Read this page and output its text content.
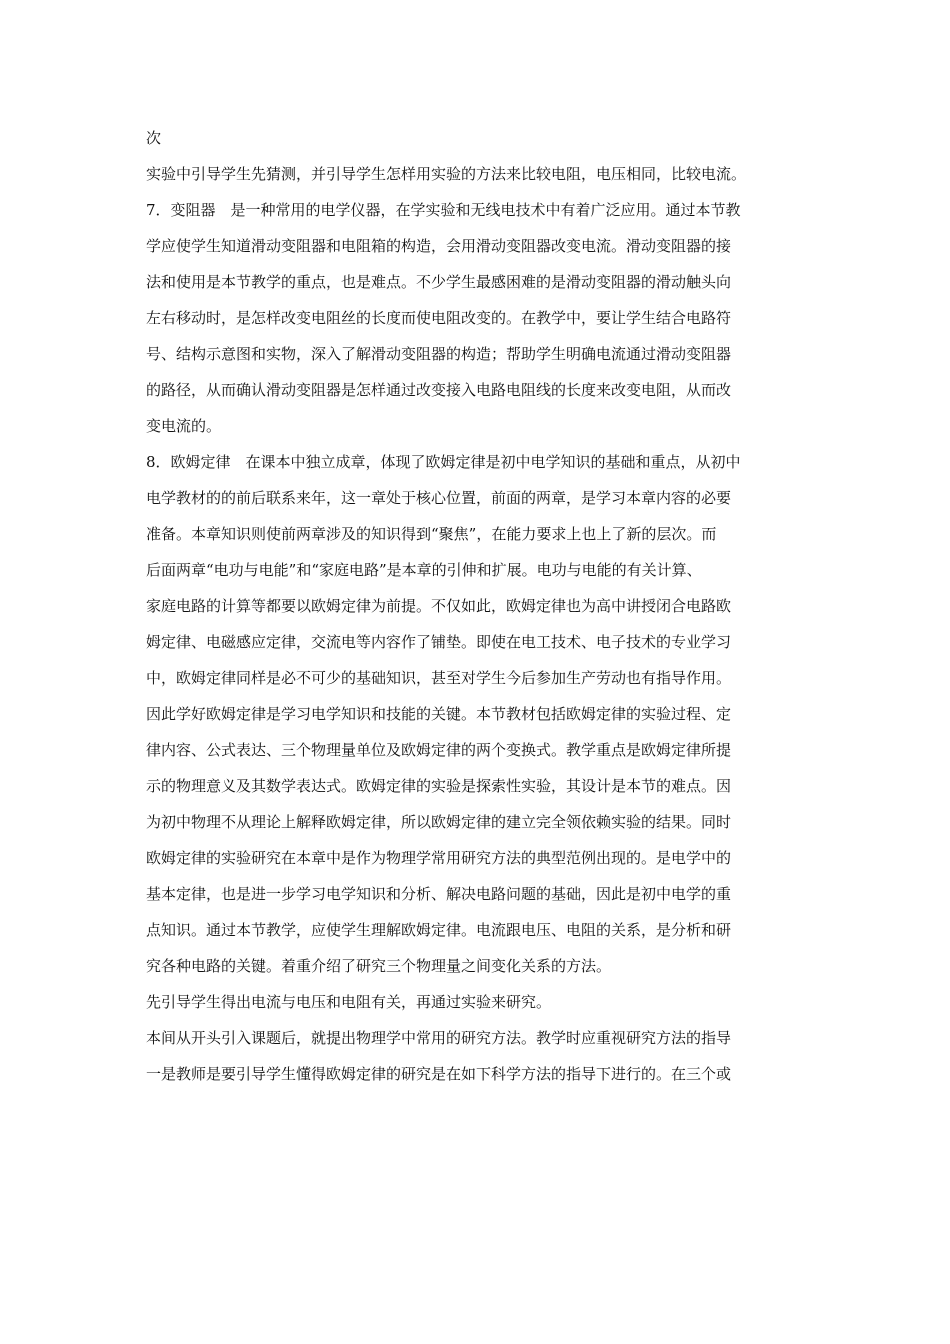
次
实验中引导学生先猜测，并引导学生怎样用实验的方法来比较电阻，电压相同，比较电流。

7．变阻器　是一种常用的电学仪器，在学实验和无线电技术中有着广泛应用。通过本节教
学应使学生知道滑动变阻器和电阻箱的构造，会用滑动变阻器改变电流。滑动变阻器的接
法和使用是本节教学的重点，也是难点。不少学生最感困难的是滑动变阻器的滑动触头向
左右移动时，是怎样改变电阻丝的长度而使电阻改变的。在教学中，要让学生结合电路符
号、结构示意图和实物，深入了解滑动变阻器的构造；帮助学生明确电流通过滑动变阻器
的路径，从而确认滑动变阻器是怎样通过改变接入电路电阻线的长度来改变电阻，从而改
变电流的。

8．欧姆定律　在课本中独立成章，体现了欧姆定律是初中电学知识的基础和重点，从初中
电学教材的的前后联系来年，这一章处于核心位置，前面的两章，是学习本章内容的必要
准备。本章知识则使前两章涉及的知识得到“聚焦”，在能力要求上也上了新的层次。而
后面两章“电功与电能”和“家庭电路”是本章的引伸和扩展。电功与电能的有关计算、
家庭电路的计算等都要以欧姆定律为前提。不仅如此，欧姆定律也为高中讲授闭合电路欧
姆定律、电磁感应定律，交流电等内容作了铺垫。即使在电工技术、电子技术的专业学习
中，欧姆定律同样是必不可少的基础知识，甚至对学生今后参加生产劳动也有指导作用。
因此学好欧姆定律是学习电学知识和技能的关键。本节教材包括欧姆定律的实验过程、定
律内容、公式表达、三个物理量单位及欧姆定律的两个变换式。教学重点是欧姆定律所提
示的物理意义及其数学表达式。欧姆定律的实验是探索性实验，其设计是本节的难点。因
为初中物理不从理论上解释欧姆定律，所以欧姆定律的建立完全领依赖实验的结果。同时
欧姆定律的实验研究在本章中是作为物理学常用研究方法的典型范例出现的。是电学中的
基本定律，也是进一步学习电学知识和分析、解决电路问题的基础，因此是初中电学的重
点知识。通过本节教学，应使学生理解欧姆定律。电流跟电压、电阻的关系，是分析和研
究各种电路的关键。着重介绍了研究三个物理量之间变化关系的方法。

先引导学生得出电流与电压和电阻有关，再通过实验来研究。

本间从开头引入课题后，就提出物理学中常用的研究方法。教学时应重视研究方法的指导
一是教师是要引导学生懂得欧姆定律的研究是在如下科学方法的指导下进行的。在三个或
